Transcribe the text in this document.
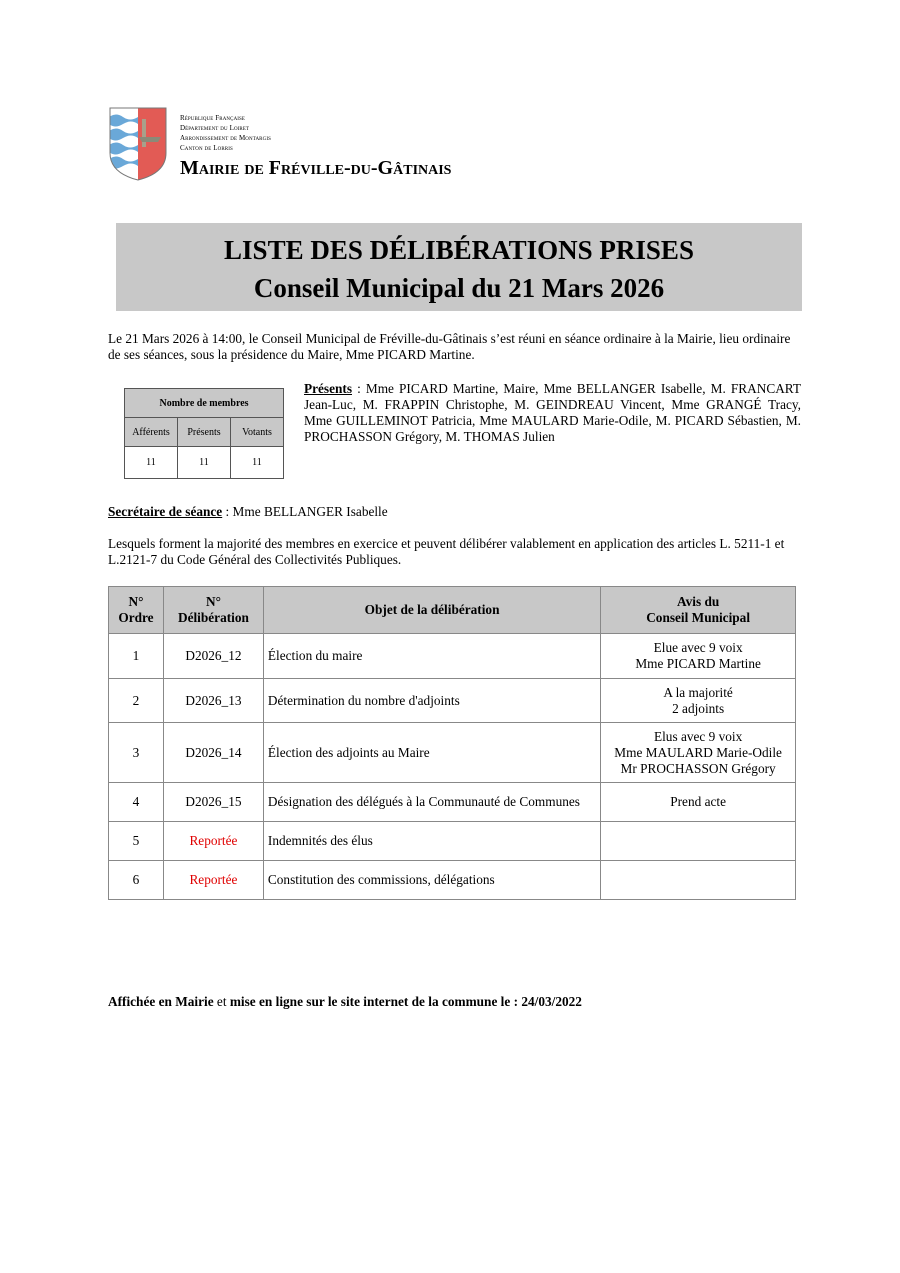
République Française
Département du Loiret
Arrondissement de Montargis
Canton de Lorris
Mairie de Fréville-du-Gâtinais
LISTE DES DÉLIBÉRATIONS PRISES
Conseil Municipal du 21 Mars 2026
Le 21 Mars 2026 à 14:00, le Conseil Municipal de Fréville-du-Gâtinais s’est réuni en séance ordinaire à la Mairie, lieu ordinaire de ses séances, sous la présidence du Maire, Mme PICARD Martine.
Nombre de membres		
Afférents	Présents	Votants
11	11	11
Présents : Mme PICARD Martine, Maire, Mme BELLANGER Isabelle, M. FRANCART Jean-Luc, M. FRAPPIN Christophe, M. GEINDREAU Vincent, Mme GRANGÉ Tracy, Mme GUILLEMINOT Patricia, Mme MAULARD Marie-Odile, M. PICARD Sébastien, M. PROCHASSON Grégory, M. THOMAS Julien
Secrétaire de séance : Mme BELLANGER Isabelle
Lesquels forment la majorité des membres en exercice et peuvent délibérer valablement en application des articles L. 5211-1 et L.2121-7 du Code Général des Collectivités Publiques.
N° Ordre	N°
Délibération	Objet de la délibération	Avis du
Conseil Municipal
1	D2026_12	Élection du maire	Elue avec 9 voix
Mme PICARD Martine
2	D2026_13	Détermination du nombre d'adjoints	A la majorité
2 adjoints
3	D2026_14	Élection des adjoints au Maire	Elus avec 9 voix
Mme MAULARD Marie-Odile
Mr PROCHASSON Grégory
4	D2026_15	Désignation des délégués à la Communauté de Communes	Prend acte
5	Reportée	Indemnités des élus	
6	Reportée	Constitution des commissions, délégations	
Affichée en Mairie et mise en ligne sur le site internet de la commune le : 24/03/2022
